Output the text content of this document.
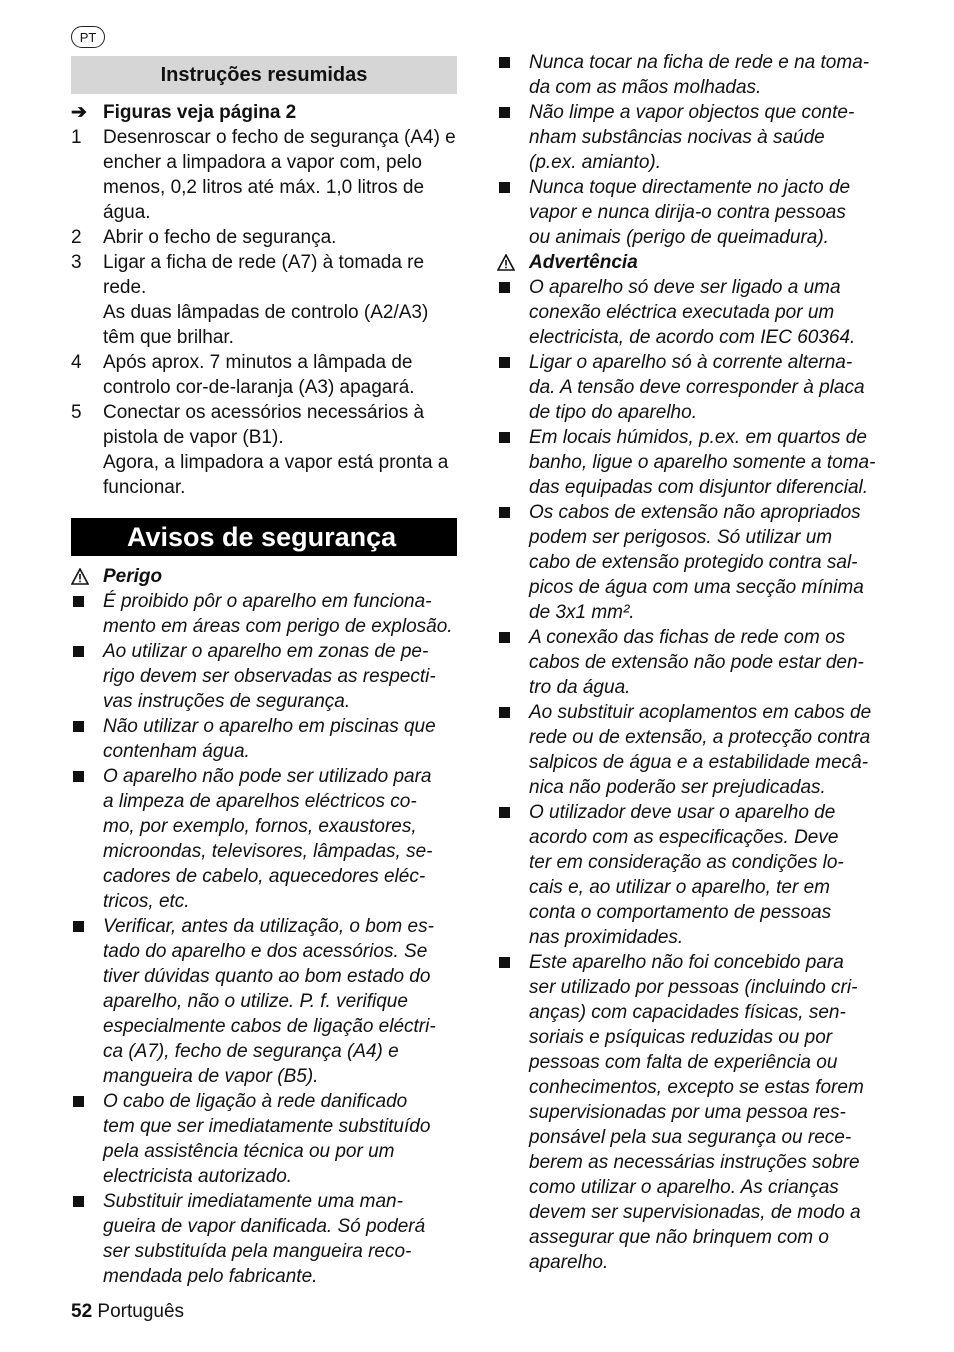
PT
Instruções resumidas
➔ Figuras veja página 2
1	Desenroscar o fecho de segurança (A4) e encher a limpadora a vapor com, pelo menos, 0,2 litros até máx. 1,0 litros de água.

2	Abrir o fecho de segurança.

3	Ligar a ficha de rede (A7) à tomada re rede.

As duas lâmpadas de controlo (A2/A3) têm que brilhar.

4	Após aprox. 7 minutos a lâmpada de controlo cor-de-laranja (A3) apagará.

5	Conectar os acessórios necessários à pistola de vapor (B1).

Agora, a limpadora a vapor está pronta a funcionar.

Avisos de segurança
Perigo
É proibido pôr o aparelho em funciona-
mento em áreas com perigo de explosão.
Ao utilizar o aparelho em zonas de pe-
rigo devem ser observadas as respecti-
vas instruções de segurança.
Não utilizar o aparelho em piscinas que
contenham água.
O aparelho não pode ser utilizado para
a limpeza de aparelhos eléctricos co-
mo, por exemplo, fornos, exaustores,
microondas, televisores, lâmpadas, se-
cadores de cabelo, aquecedores eléc-
tricos, etc.
Verificar, antes da utilização, o bom es-
tado do aparelho e dos acessórios. Se
tiver dúvidas quanto ao bom estado do
aparelho, não o utilize. P. f. verifique
especialmente cabos de ligação eléctri-
ca (A7), fecho de segurança (A4) e
mangueira de vapor (B5).
O cabo de ligação à rede danificado
tem que ser imediatamente substituído
pela assistência técnica ou por um
electricista autorizado.
Substituir imediatamente uma man-
gueira de vapor danificada. Só poderá
ser substituída pela mangueira reco-
mendada pelo fabricante.
Nunca tocar na ficha de rede e na toma-
da com as mãos molhadas.
Não limpe a vapor objectos que conte-
nham substâncias nocivas à saúde
(p.ex. amianto).
Nunca toque directamente no jacto de
vapor e nunca dirija-o contra pessoas
ou animais (perigo de queimadura).
Advertência
O aparelho só deve ser ligado a uma
conexão eléctrica executada por um
electricista, de acordo com IEC 60364.
Ligar o aparelho só à corrente alterna-
da. A tensão deve corresponder à placa
de tipo do aparelho.
Em locais húmidos, p.ex. em quartos de
banho, ligue o aparelho somente a toma-
das equipadas com disjuntor diferencial.
Os cabos de extensão não apropriados
podem ser perigosos. Só utilizar um
cabo de extensão protegido contra sal-
picos de água com uma secção mínima
de 3x1 mm².
A conexão das fichas de rede com os
cabos de extensão não pode estar den-
tro da água.
Ao substituir acoplamentos em cabos de
rede ou de extensão, a protecção contra
salpicos de água e a estabilidade mecâ-
nica não poderão ser prejudicadas.
O utilizador deve usar o aparelho de
acordo com as especificações. Deve
ter em consideração as condições lo-
cais e, ao utilizar o aparelho, ter em
conta o comportamento de pessoas
nas proximidades.
Este aparelho não foi concebido para
ser utilizado por pessoas (incluindo cri-
anças) com capacidades físicas, sen-
soriais e psíquicas reduzidas ou por
pessoas com falta de experiência ou
conhecimentos, excepto se estas forem
supervisionadas por uma pessoa res-
ponsável pela sua segurança ou rece-
berem as necessárias instruções sobre
como utilizar o aparelho. As crianças
devem ser supervisionadas, de modo a
assegurar que não brinquem com o
aparelho.
52 Português
